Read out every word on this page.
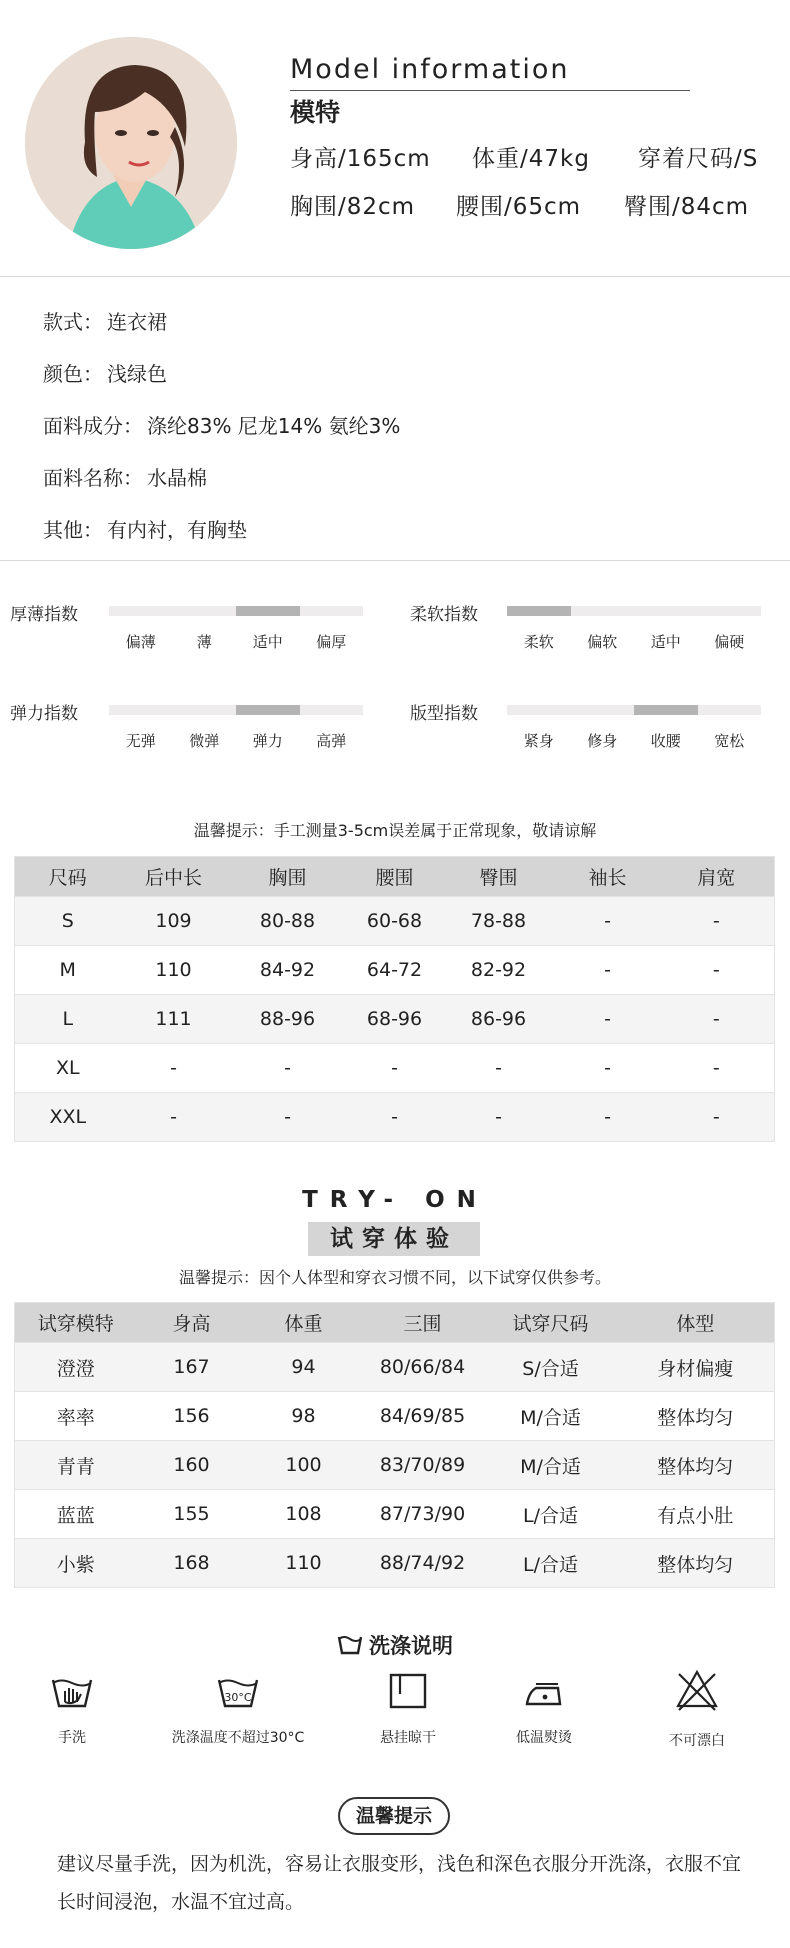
Model information
模特
身高/165cm 体重/47kg 穿着尺码/S
胸围/82cm 腰围/65cm 臀围/84cm
款式： 连衣裙
颜色： 浅绿色
面料成分： 涤纶83% 尼龙14% 氨纶3%
面料名称： 水晶棉
其他： 有内衬，有胸垫
厚薄指数
偏薄	薄	适中 偏厚
柔软指数
柔软 偏软 适中 偏硬
弹力指数
无弹 微弹 弹力 高弹
版型指数
紧身 修身 收腰 宽松
温馨提示：手工测量3-5cm误差属于正常现象，敬请谅解
尺码	后中长	胸围	腰围	臀围	袖长	肩宽
S	109	80-88	60-68	78-88	-	-
M	110	84-92	64-72	82-92	-	-
L	111	88-96	68-96	86-96	-	-
XL	-	-	-	-	-	-
XXL	-	-	-	-	-	-
TRY- ON
试穿体验
温馨提示：因个人体型和穿衣习惯不同，以下试穿仅供参考。
试穿模特	身高	体重	三围	试穿尺码	体型
澄澄	167	94	80/66/84	S/合适	身材偏瘦
率率	156	98	84/69/85	M/合适	整体均匀
青青	160	100	83/70/89	M/合适	整体均匀
蓝蓝	155	108	87/73/90	L/合适	有点小肚
小紫	168	110	88/74/92	L/合适	整体均匀
洗涤说明
手洗
30°C
洗涤温度不超过30°C	悬挂晾干	低温熨烫	不可漂白
温馨提示
建议尽量手洗，因为机洗，容易让衣服变形，浅色和深色衣服分开洗涤，衣服不宜长时间浸泡，水温不宜过高。
